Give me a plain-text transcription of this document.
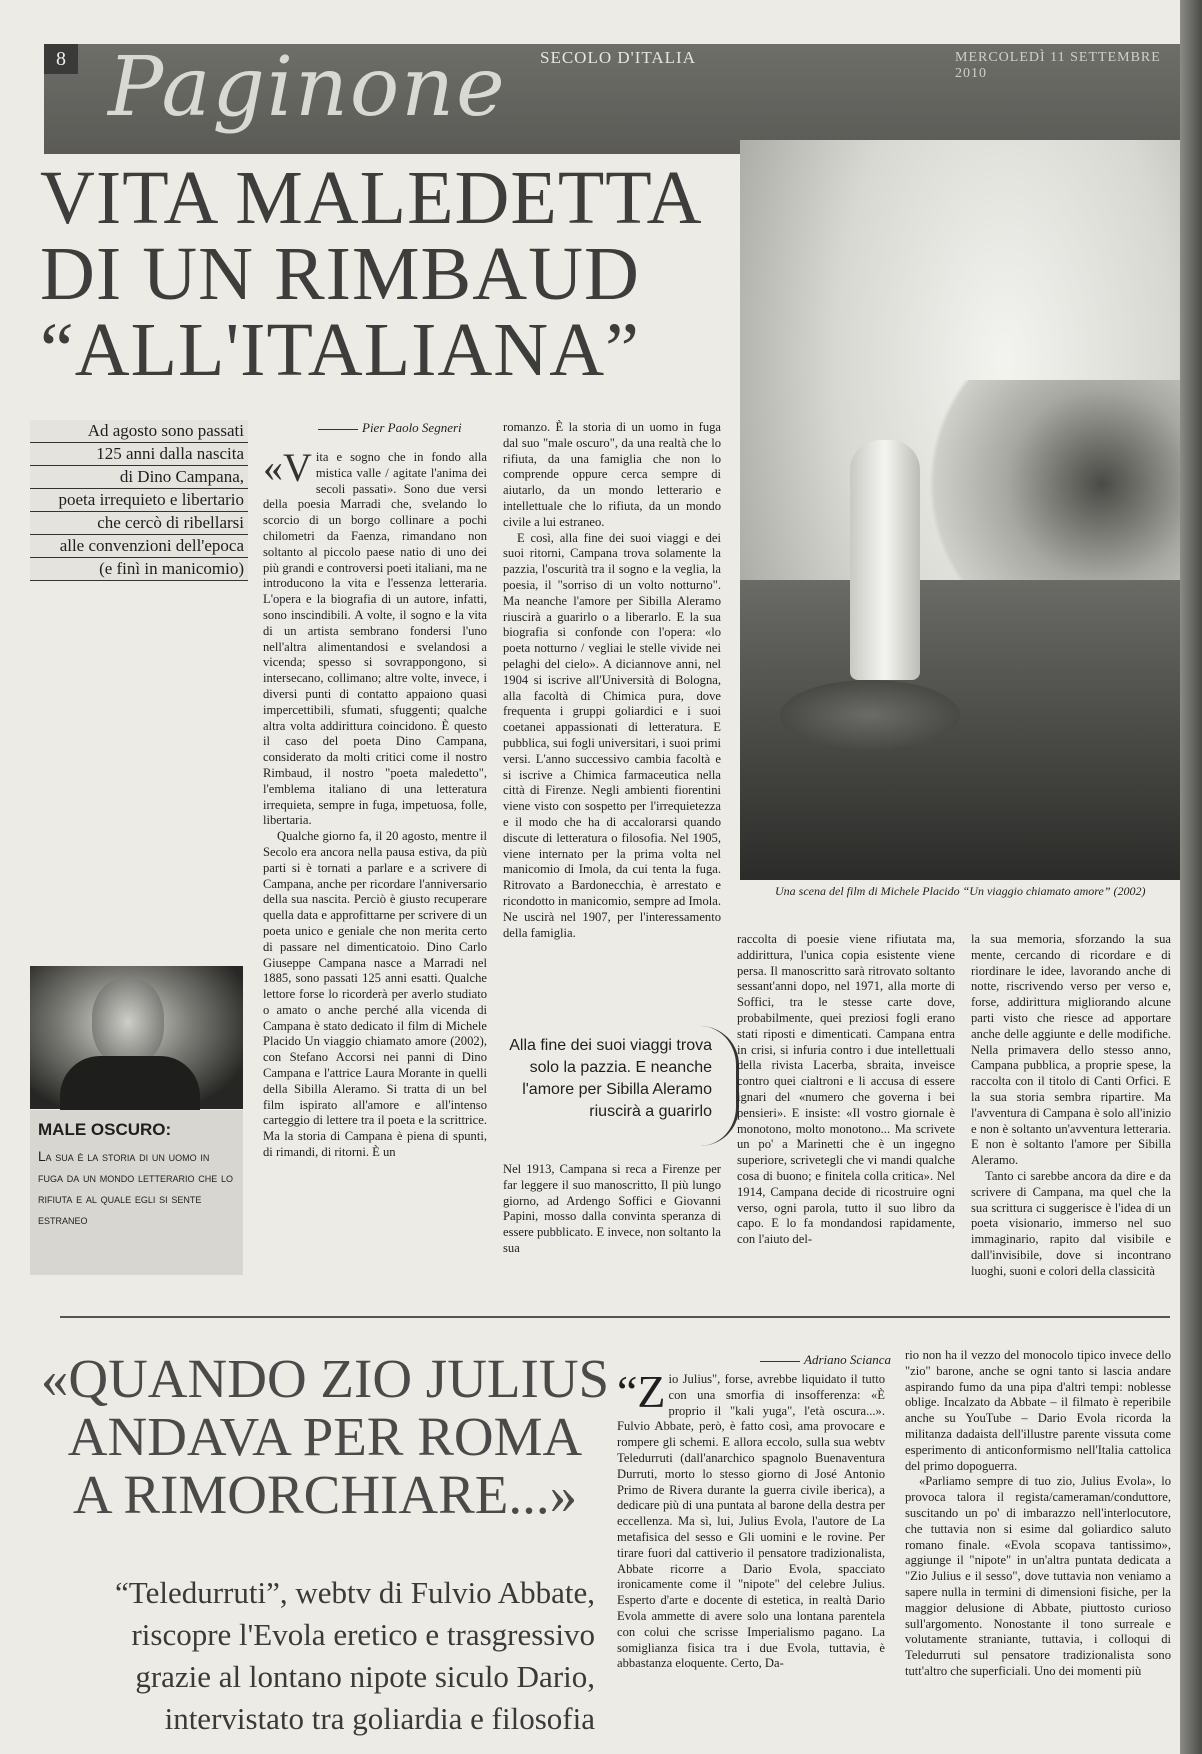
8 Paginone SECOLO D'ITALIA	MERCOLEDÌ 11 SETTEMBRE 2010
VITA MALEDETTA
DI UN RIMBAUD
“ALL'ITALIANA”
Ad agosto sono passati
125 anni dalla nascita
di Dino Campana,
poeta irrequieto e libertario
che cercò di ribellarsi
alle convenzioni dell'epoca
(e finì in manicomio)
Pier Paolo Segneri

«Vita e sogno che in fondo alla mistica valle / agitate l'anima dei secoli passati». Sono due versi della poesia Marradi che, svelando lo scorcio di un borgo collinare a pochi chilometri da Faenza, rimandano non soltanto al piccolo paese natio di uno dei più grandi e controversi poeti italiani, ma ne introducono la vita e l'essenza letteraria. L'opera e la biografia di un autore, infatti, sono inscindibili. A volte, il sogno e la vita di un artista sembrano fondersi l'uno nell'altra alimentandosi e svelandosi a vicenda; spesso si sovrappongono, si intersecano, collimano; altre volte, invece, i diversi punti di contatto appaiono quasi impercettibili, sfumati, sfuggenti; qualche altra volta addirittura coincidono. È questo il caso del poeta Dino Campana, considerato da molti critici come il nostro Rimbaud, il nostro "poeta maledetto", l'emblema italiano di una letteratura irrequieta, sempre in fuga, impetuosa, folle, libertaria.

Qualche giorno fa, il 20 agosto, mentre il Secolo era ancora nella pausa estiva, da più parti si è tornati a parlare e a scrivere di Campana, anche per ricordare l'anniversario della sua nascita. Perciò è giusto recuperare quella data e approfittarne per scrivere di un poeta unico e geniale che non merita certo di passare nel dimenticatoio. Dino Carlo Giuseppe Campana nasce a Marradi nel 1885, sono passati 125 anni esatti. Qualche lettore forse lo ricorderà per averlo studiato o amato o anche perché alla vicenda di Campana è stato dedicato il film di Michele Placido Un viaggio chiamato amore (2002), con Stefano Accorsi nei panni di Dino Campana e l'attrice Laura Morante in quelli della Sibilla Aleramo. Si tratta di un bel film ispirato all'amore e all'intenso carteggio di lettere tra il poeta e la scrittrice. Ma la storia di Campana è piena di spunti, di rimandi, di ritorni. È un

romanzo. È la storia di un uomo in fuga dal suo "male oscuro", da una realtà che lo rifiuta, da una famiglia che non lo comprende oppure cerca sempre di aiutarlo, da un mondo letterario e intellettuale che lo rifiuta, da un mondo civile a lui estraneo.

E così, alla fine dei suoi viaggi e dei suoi ritorni, Campana trova solamente la pazzia, l'oscurità tra il sogno e la veglia, la poesia, il "sorriso di un volto notturno". Ma neanche l'amore per Sibilla Aleramo riuscirà a guarirlo o a liberarlo. E la sua biografia si confonde con l'opera: «lo poeta notturno / vegliai le stelle vivide nei pelaghi del cielo». A diciannove anni, nel 1904 si iscrive all'Università di Bologna, alla facoltà di Chimica pura, dove frequenta i gruppi goliardici e i suoi coetanei appassionati di letteratura. E pubblica, sui fogli universitari, i suoi primi versi. L'anno successivo cambia facoltà e si iscrive a Chimica farmaceutica nella città di Firenze. Negli ambienti fiorentini viene visto con sospetto per l'irrequietezza e il modo che ha di accalorarsi quando discute di letteratura o filosofia. Nel 1905, viene internato per la prima volta nel manicomio di Imola, da cui tenta la fuga. Ritrovato a Bardonecchia, è arrestato e ricondotto in manicomio, sempre ad Imola. Ne uscirà nel 1907, per l'interessamento della famiglia.

Alla fine dei suoi viaggi trova solo la pazzia. E neanche l'amore per Sibilla Aleramo riuscirà a guarirlo

Nel 1913, Campana si reca a Firenze per far leggere il suo manoscritto, Il più lungo giorno, ad Ardengo Soffici e Giovanni Papini, mosso dalla convinta speranza di essere pubblicato. E invece, non soltanto la sua

Una scena del film di Michele Placido “Un viaggio chiamato amore” (2002)

raccolta di poesie viene rifiutata ma, addirittura, l'unica copia esistente viene persa. Il manoscritto sarà ritrovato soltanto sessant'anni dopo, nel 1971, alla morte di Soffici, tra le stesse carte dove, probabilmente, quei preziosi fogli erano stati riposti e dimenticati. Campana entra in crisi, si infuria contro i due intellettuali della rivista Lacerba, sbraita, inveisce contro quei cialtroni e li accusa di essere ignari del «numero che governa i bei pensieri». E insiste: «Il vostro giornale è monotono, molto monotono... Ma scrivete un po' a Marinetti che è un ingegno superiore, scrivetegli che vi mandi qualche cosa di buono; e finitela colla critica». Nel 1914, Campana decide di ricostruire ogni verso, ogni parola, tutto il suo libro da capo. E lo fa mondandosi rapidamente, con l'aiuto del-

la sua memoria, sforzando la sua mente, cercando di ricordare e di riordinare le idee, lavorando anche di notte, riscrivendo verso per verso e, forse, addirittura migliorando alcune parti visto che riesce ad apportare anche delle aggiunte e delle modifiche. Nella primavera dello stesso anno, Campana pubblica, a proprie spese, la raccolta con il titolo di Canti Orfici. E la sua storia sembra ripartire. Ma l'avventura di Campana è solo all'inizio e non è soltanto un'avventura letteraria. E non è soltanto l'amore per Sibilla Aleramo.

Tanto ci sarebbe ancora da dire e da scrivere di Campana, ma quel che la sua scrittura ci suggerisce è l'idea di un poeta visionario, immerso nel suo immaginario, rapito dal visibile e dall'invisibile, dove si incontrano luoghi, suoni e colori della classicità

MALE OSCURO:
La sua è la storia di un uomo in fuga da un mondo letterario che lo rifiuta e al quale egli si sente estraneo
«QUANDO ZIO JULIUS
ANDAVA PER ROMA
A RIMORCHIARE...»
“Teledurruti”, webtv di Fulvio Abbate,
riscopre l'Evola eretico e trasgressivo
grazie al lontano nipote siculo Dario,
intervistato tra goliardia e filosofia
Adriano Scianca

“Zio Julius", forse, avrebbe liquidato il tutto con una smorfia di insofferenza: «È proprio il "kali yuga", l'età oscura...». Fulvio Abbate, però, è fatto così, ama provocare e rompere gli schemi. E allora eccolo, sulla sua webtv Teledurruti (dall'anarchico spagnolo Buenaventura Durruti, morto lo stesso giorno di José Antonio Primo de Rivera durante la guerra civile iberica), a dedicare più di una puntata al barone della destra per eccellenza. Ma sì, lui, Julius Evola, l'autore de La metafisica del sesso e Gli uomini e le rovine. Per tirare fuori dal cattiverio il pensatore tradizionalista, Abbate ricorre a Dario Evola, spacciato ironicamente come il "nipote" del celebre Julius. Esperto d'arte e docente di estetica, in realtà Dario Evola ammette di avere solo una lontana parentela con colui che scrisse Imperialismo pagano. La somiglianza fisica tra i due Evola, tuttavia, è abbastanza eloquente. Certo, Da-

rio non ha il vezzo del monocolo tipico invece dello "zio" barone, anche se ogni tanto si lascia andare aspirando fumo da una pipa d'altri tempi: noblesse oblige. Incalzato da Abbate – il filmato è reperibile anche su YouTube – Dario Evola ricorda la militanza dadaista dell'illustre parente vissuta come esperimento di anticonformismo nell'Italia cattolica del primo dopoguerra.

«Parliamo sempre di tuo zio, Julius Evola», lo provoca talora il regista/cameraman/conduttore, suscitando un po' di imbarazzo nell'interlocutore, che tuttavia non si esime dal goliardico saluto romano finale. «Evola scopava tantissimo», aggiunge il "nipote" in un'altra puntata dedicata a "Zio Julius e il sesso", dove tuttavia non veniamo a sapere nulla in termini di dimensioni fisiche, per la maggior delusione di Abbate, piuttosto curioso sull'argomento. Nonostante il tono surreale e volutamente straniante, tuttavia, i colloqui di Teledurruti sul pensatore tradizionalista sono tutt'altro che superficiali. Uno dei momenti più
